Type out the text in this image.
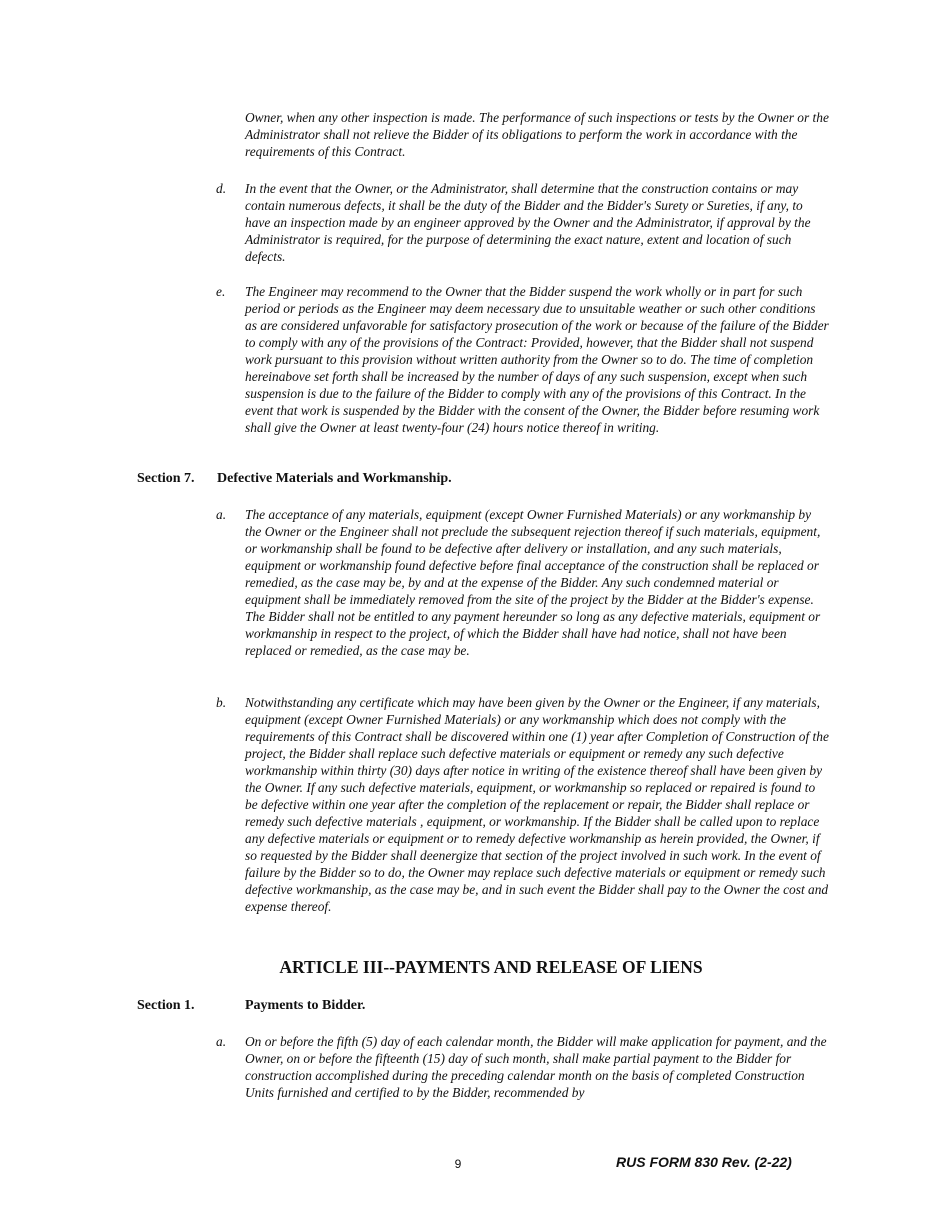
Owner, when any other inspection is made. The performance of such inspections or tests by the Owner or the Administrator shall not relieve the Bidder of its obligations to perform the work in accordance with the requirements of this Contract.
d. In the event that the Owner, or the Administrator, shall determine that the construction contains or may contain numerous defects, it shall be the duty of the Bidder and the Bidder's Surety or Sureties, if any, to have an inspection made by an engineer approved by the Owner and the Administrator, if approval by the Administrator is required, for the purpose of determining the exact nature, extent and location of such defects.
e. The Engineer may recommend to the Owner that the Bidder suspend the work wholly or in part for such period or periods as the Engineer may deem necessary due to unsuitable weather or such other conditions as are considered unfavorable for satisfactory prosecution of the work or because of the failure of the Bidder to comply with any of the provisions of the Contract: Provided, however, that the Bidder shall not suspend work pursuant to this provision without written authority from the Owner so to do. The time of completion hereinabove set forth shall be increased by the number of days of any such suspension, except when such suspension is due to the failure of the Bidder to comply with any of the provisions of this Contract. In the event that work is suspended by the Bidder with the consent of the Owner, the Bidder before resuming work shall give the Owner at least twenty-four (24) hours notice thereof in writing.
Section 7. Defective Materials and Workmanship.
a. The acceptance of any materials, equipment (except Owner Furnished Materials) or any workmanship by the Owner or the Engineer shall not preclude the subsequent rejection thereof if such materials, equipment, or workmanship shall be found to be defective after delivery or installation, and any such materials, equipment or workmanship found defective before final acceptance of the construction shall be replaced or remedied, as the case may be, by and at the expense of the Bidder. Any such condemned material or equipment shall be immediately removed from the site of the project by the Bidder at the Bidder's expense. The Bidder shall not be entitled to any payment hereunder so long as any defective materials, equipment or workmanship in respect to the project, of which the Bidder shall have had notice, shall not have been replaced or remedied, as the case may be.
b. Notwithstanding any certificate which may have been given by the Owner or the Engineer, if any materials, equipment (except Owner Furnished Materials) or any workmanship which does not comply with the requirements of this Contract shall be discovered within one (1) year after Completion of Construction of the project, the Bidder shall replace such defective materials or equipment or remedy any such defective workmanship within thirty (30) days after notice in writing of the existence thereof shall have been given by the Owner. If any such defective materials, equipment, or workmanship so replaced or repaired is found to be defective within one year after the completion of the replacement or repair, the Bidder shall replace or remedy such defective materials , equipment, or workmanship. If the Bidder shall be called upon to replace any defective materials or equipment or to remedy defective workmanship as herein provided, the Owner, if so requested by the Bidder shall deenergize that section of the project involved in such work. In the event of failure by the Bidder so to do, the Owner may replace such defective materials or equipment or remedy such defective workmanship, as the case may be, and in such event the Bidder shall pay to the Owner the cost and expense thereof.
ARTICLE III--PAYMENTS AND RELEASE OF LIENS
Section 1.	Payments to Bidder.
a. On or before the fifth (5) day of each calendar month, the Bidder will make application for payment, and the Owner, on or before the fifteenth (15) day of such month, shall make partial payment to the Bidder for construction accomplished during the preceding calendar month on the basis of completed Construction Units furnished and certified to by the Bidder, recommended by
9	RUS FORM 830 Rev. (2-22)
